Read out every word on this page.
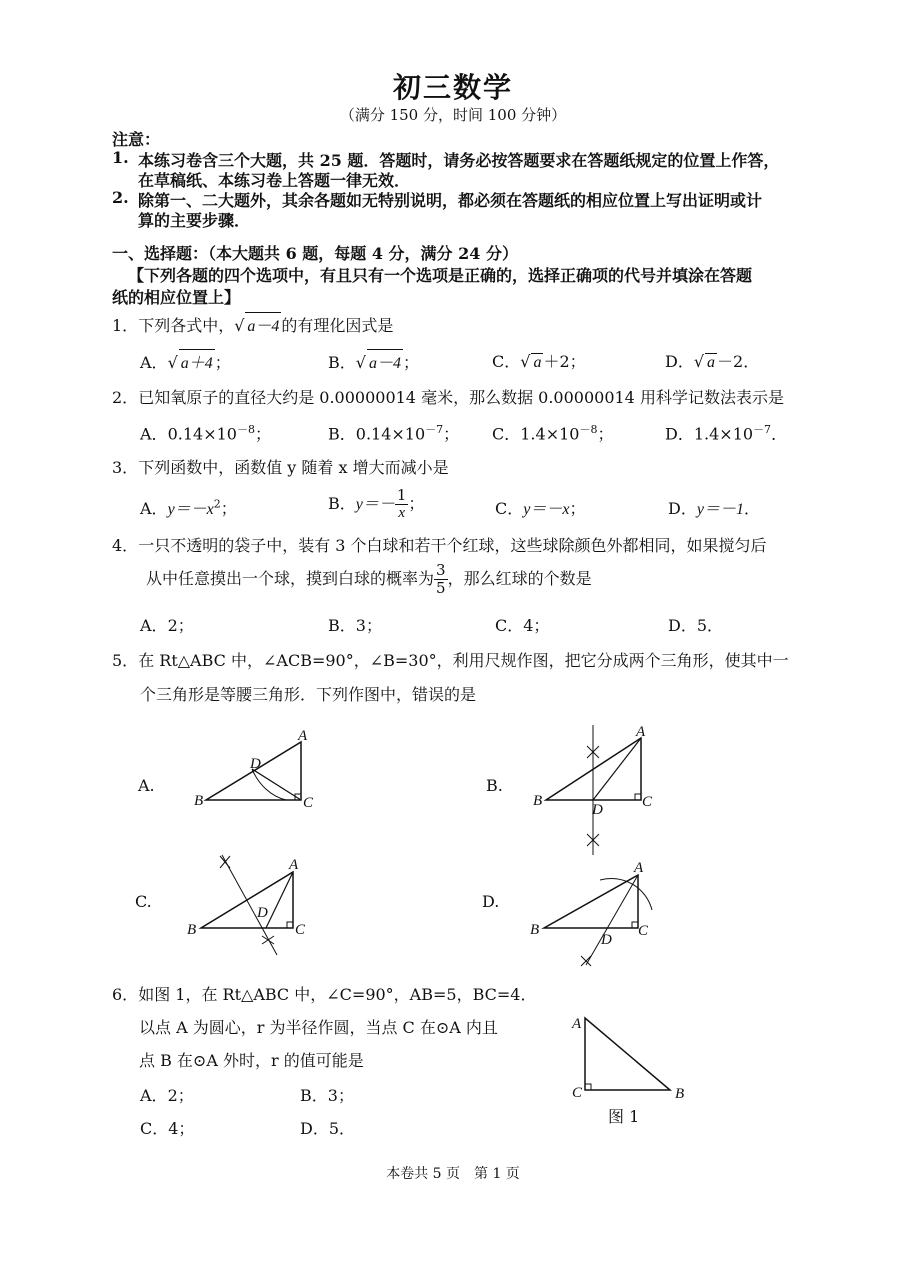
初三数学
（满分 150 分，时间 100 分钟）
注意：
1. 本练习卷含三个大题，共 25 题．答题时，请务必按答题要求在答题纸规定的位置上作答，
在草稿纸、本练习卷上答题一律无效．
2. 除第一、二大题外，其余各题如无特别说明，都必须在答题纸的相应位置上写出证明或计
算的主要步骤．
一、选择题：（本大题共 6 题，每题 4 分，满分 24 分）
【下列各题的四个选项中，有且只有一个选项是正确的，选择正确项的代号并填涂在答题
纸的相应位置上】
1．下列各式中，√ a－4 的有理化因式是
A．√ a＋4 ；	B．√ a－4 ；	C．√ a ＋2；	D．√ a －2．
2．已知氧原子的直径大约是 0.00000014 毫米，那么数据 0.00000014 用科学记数法表示是
A．$0.14\times 10^{-8}$；	B．$0.14\times 10^{-7}$； C．$1.4\times 10^{-8}$；	D．$1.4\times 10^{-7}$．
3．下列函数中，函数值 y 随着 x 增大而减小是
A．$y=-x^2$；	B．$y=- \frac{1}{x}$ ；	C．y＝－x；	D．y＝－1．
4．一只不透明的袋子中，装有 3 个白球和若干个红球，这些球除颜色外都相同，如果搅匀后
从中任意摸出一个球，摸到白球的概率为 $\frac{3}{5}$ ，那么红球的个数是
A．2；	B．3；	C．4；	D．5．
5．在 Rt△ABC 中，∠ACB=90°，∠B=30°，利用尺规作图，把它分成两个三角形，使其中一
个三角形是等腰三角形．下列作图中，错误的是
A.	B.
C.	D.
B
A
C
D
B
A
C
D
B
A
C
D
B
A
C
D
6．如图 1，在 Rt△ABC 中，∠C=90°，AB=5，BC=4．
以点 A 为圆心，r 为半径作圆，当点 C 在⊙A 内且
点 B 在⊙A 外时，r 的值可能是
A．2；	B．3；
C．4；	D．5．
A
C	B
图 1
本卷共 5 页　第 1 页
